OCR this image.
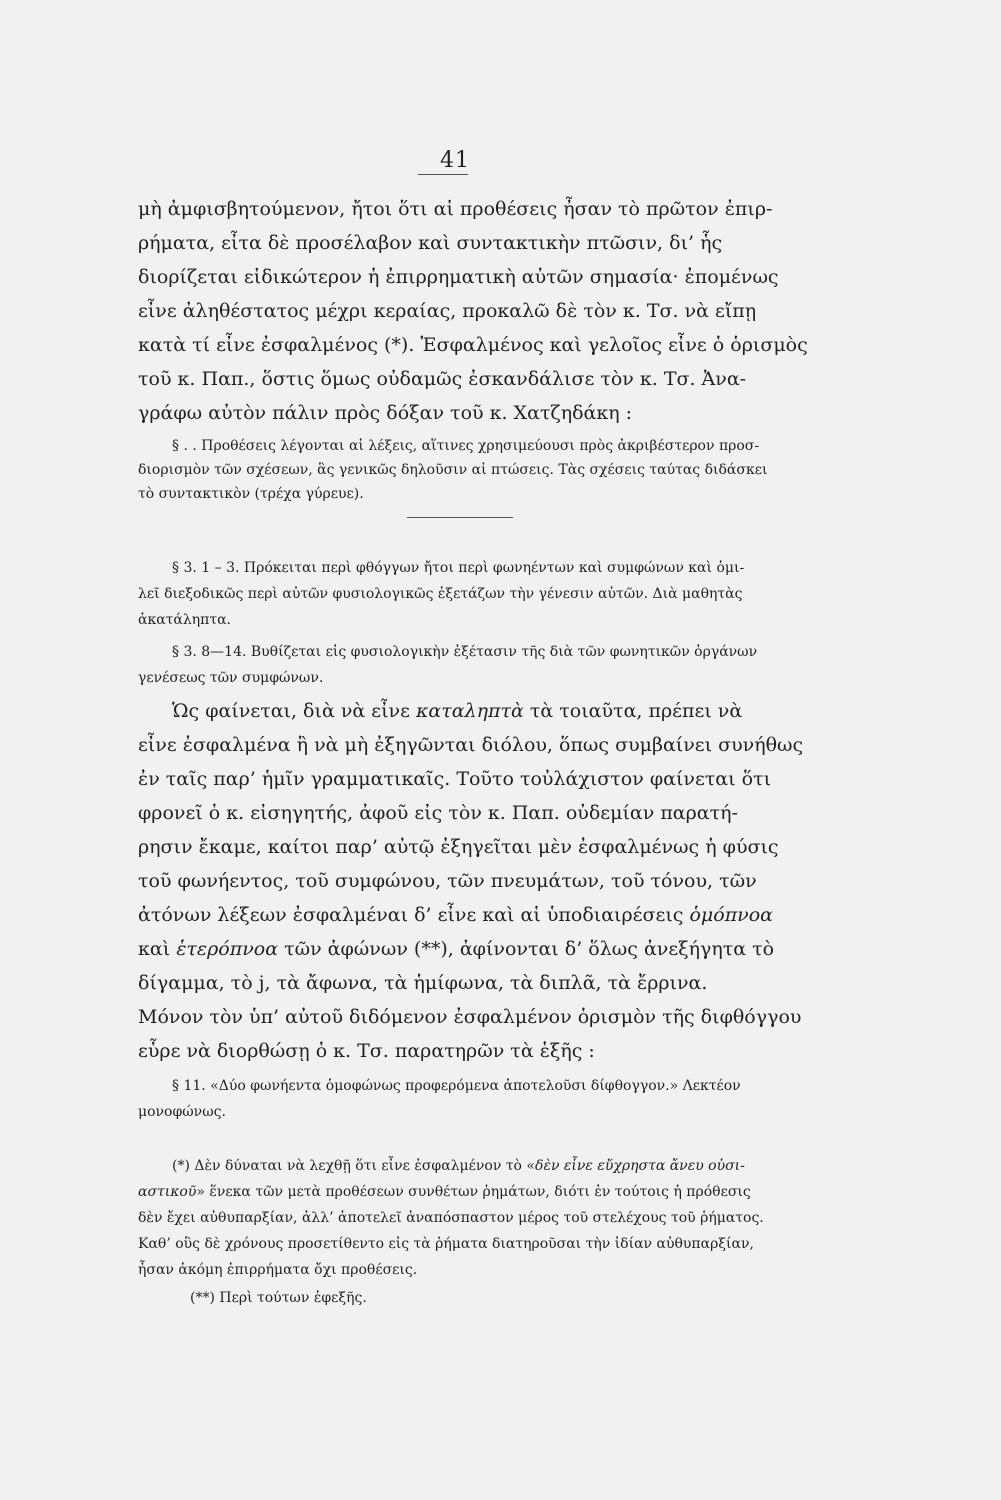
41
μὴ ἀμφισβητούμενον, ἤτοι ὅτι αἱ προθέσεις ἦσαν τὸ πρῶτον ἐπιρ-
ρήματα, εἶτα δὲ προσέλαβον καὶ συντακτικὴν πτῶσιν, δι’ ἧς
διορίζεται εἰδικώτερον ἡ ἐπιρρηματικὴ αὐτῶν σημασία· ἐπομένως
εἶνε ἀληθέστατος μέχρι κεραίας, προκαλῶ δὲ τὸν κ. Τσ. νὰ εἴπῃ
κατὰ τί εἶνε ἐσφαλμένος (*). Ἐσφαλμένος καὶ γελοῖος εἶνε ὁ ὁρισμὸς
τοῦ κ. Παπ., ὅστις ὅμως οὐδαμῶς ἐσκανδάλισε τὸν κ. Τσ. Ἀνα-
γράφω αὐτὸν πάλιν πρὸς δόξαν τοῦ κ. Χατζηδάκη :
§ . . Προθέσεις λέγονται αἱ λέξεις, αἵτινες χρησιμεύουσι πρὸς ἀκριβέστερον προσ-
διορισμὸν τῶν σχέσεων, ἃς γενικῶς δηλοῦσιν αἱ πτώσεις. Τὰς σχέσεις ταύτας διδάσκει
τὸ συντακτικὸν (τρέχα γύρευε).
§ 3. 1 – 3. Πρόκειται περὶ φθόγγων ἤτοι περὶ φωνηέντων καὶ συμφώνων καὶ ὁμι-
λεῖ διεξοδικῶς περὶ αὐτῶν φυσιολογικῶς ἐξετάζων τὴν γένεσιν αὐτῶν. Διὰ μαθητὰς
ἀκατάληπτα.
§ 3. 8—14. Βυθίζεται εἰς φυσιολογικὴν ἐξέτασιν τῆς διὰ τῶν φωνητικῶν ὀργάνων
γενέσεως τῶν συμφώνων.
Ὡς φαίνεται, διὰ νὰ εἶνε καταληπτὰ τὰ τοιαῦτα, πρέπει νὰ
εἶνε ἐσφαλμένα ἢ νὰ μὴ ἐξηγῶνται διόλου, ὅπως συμβαίνει συνήθως
ἐν ταῖς παρ’ ἡμῖν γραμματικαῖς. Τοῦτο τοὐλάχιστον φαίνεται ὅτι
φρονεῖ ὁ κ. εἰσηγητής, ἀφοῦ εἰς τὸν κ. Παπ. οὐδεμίαν παρατή-
ρησιν ἔκαμε, καίτοι παρ’ αὐτῷ ἐξηγεῖται μὲν ἐσφαλμένως ἡ φύσις
τοῦ φωνήεντος, τοῦ συμφώνου, τῶν πνευμάτων, τοῦ τόνου, τῶν
ἀτόνων λέξεων ἐσφαλμέναι δ’ εἶνε καὶ αἱ ὑποδιαιρέσεις ὁμόπνοα
καὶ ἑτερόπνοα τῶν ἀφώνων (**), ἀφίνονται δ’ ὅλως ἀνεξήγητα τὸ
δίγαμμα, τὸ j, τὰ ἄφωνα, τὰ ἡμίφωνα, τὰ διπλᾶ, τὰ ἔρρινα.
Μόνον τὸν ὑπ’ αὐτοῦ διδόμενον ἐσφαλμένον ὁρισμὸν τῆς διφθόγγου
εὗρε νὰ διορθώσῃ ὁ κ. Τσ. παρατηρῶν τὰ ἑξῆς :
§ 11. «Δύο φωνήεντα ὁμοφώνως προφερόμενα ἀποτελοῦσι δίφθογγον.» Λεκτέον
μονοφώνως.
(*) Δὲν δύναται νὰ λεχθῇ ὅτι εἶνε ἐσφαλμένον τὸ «δὲν εἶνε εὔχρηστα ἄνευ οὐσι-
αστικοῦ» ἕνεκα τῶν μετὰ προθέσεων συνθέτων ῥημάτων, διότι ἐν τούτοις ἡ πρόθεσις
δὲν ἔχει αὐθυπαρξίαν, ἀλλ’ ἀποτελεῖ ἀναπόσπαστον μέρος τοῦ στελέχους τοῦ ῥήματος.
Καθ’ οὓς δὲ χρόνους προσετίθεντο εἰς τὰ ῥήματα διατηροῦσαι τὴν ἰδίαν αὐθυπαρξίαν,
ἦσαν ἀκόμη ἐπιρρήματα ὄχι προθέσεις.
(**) Περὶ τούτων ἐφεξῆς.
